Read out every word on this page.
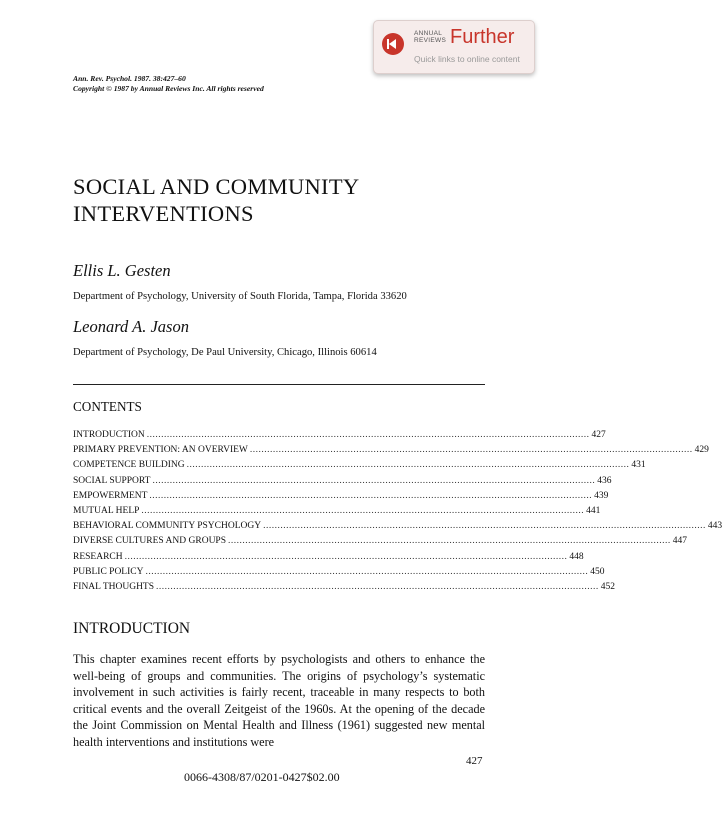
ANNUAL
REVIEWS Further
Quick links to online content
Ann. Rev. Psychol. 1987. 38:427–60
Copyright © 1987 by Annual Reviews Inc. All rights reserved
SOCIAL AND COMMUNITY
INTERVENTIONS
Ellis L. Gesten
Department of Psychology, University of South Florida, Tampa, Florida 33620
Leonard A. Jason
Department of Psychology, De Paul University, Chicago, Illinois 60614
CONTENTS
INTRODUCTION .......................................................................................................................................................... 427
PRIMARY PREVENTION: AN OVERVIEW .......................................................................................................................................................... 429
COMPETENCE BUILDING .......................................................................................................................................................... 431
SOCIAL SUPPORT .......................................................................................................................................................... 436
EMPOWERMENT .......................................................................................................................................................... 439
MUTUAL HELP .......................................................................................................................................................... 441
BEHAVIORAL COMMUNITY PSYCHOLOGY .......................................................................................................................................................... 443
DIVERSE CULTURES AND GROUPS .......................................................................................................................................................... 447
RESEARCH .......................................................................................................................................................... 448
PUBLIC POLICY .......................................................................................................................................................... 450
FINAL THOUGHTS .......................................................................................................................................................... 452
INTRODUCTION
This chapter examines recent efforts by psychologists and others to enhance the well-being of groups and communities. The origins of psychology’s systematic involvement in such activities is fairly recent, traceable in many respects to both critical events and the overall Zeitgeist of the 1960s. At the opening of the decade the Joint Commission on Mental Health and Illness (1961) suggested new mental health interventions and institutions were
427
0066-4308/87/0201-0427$02.00
